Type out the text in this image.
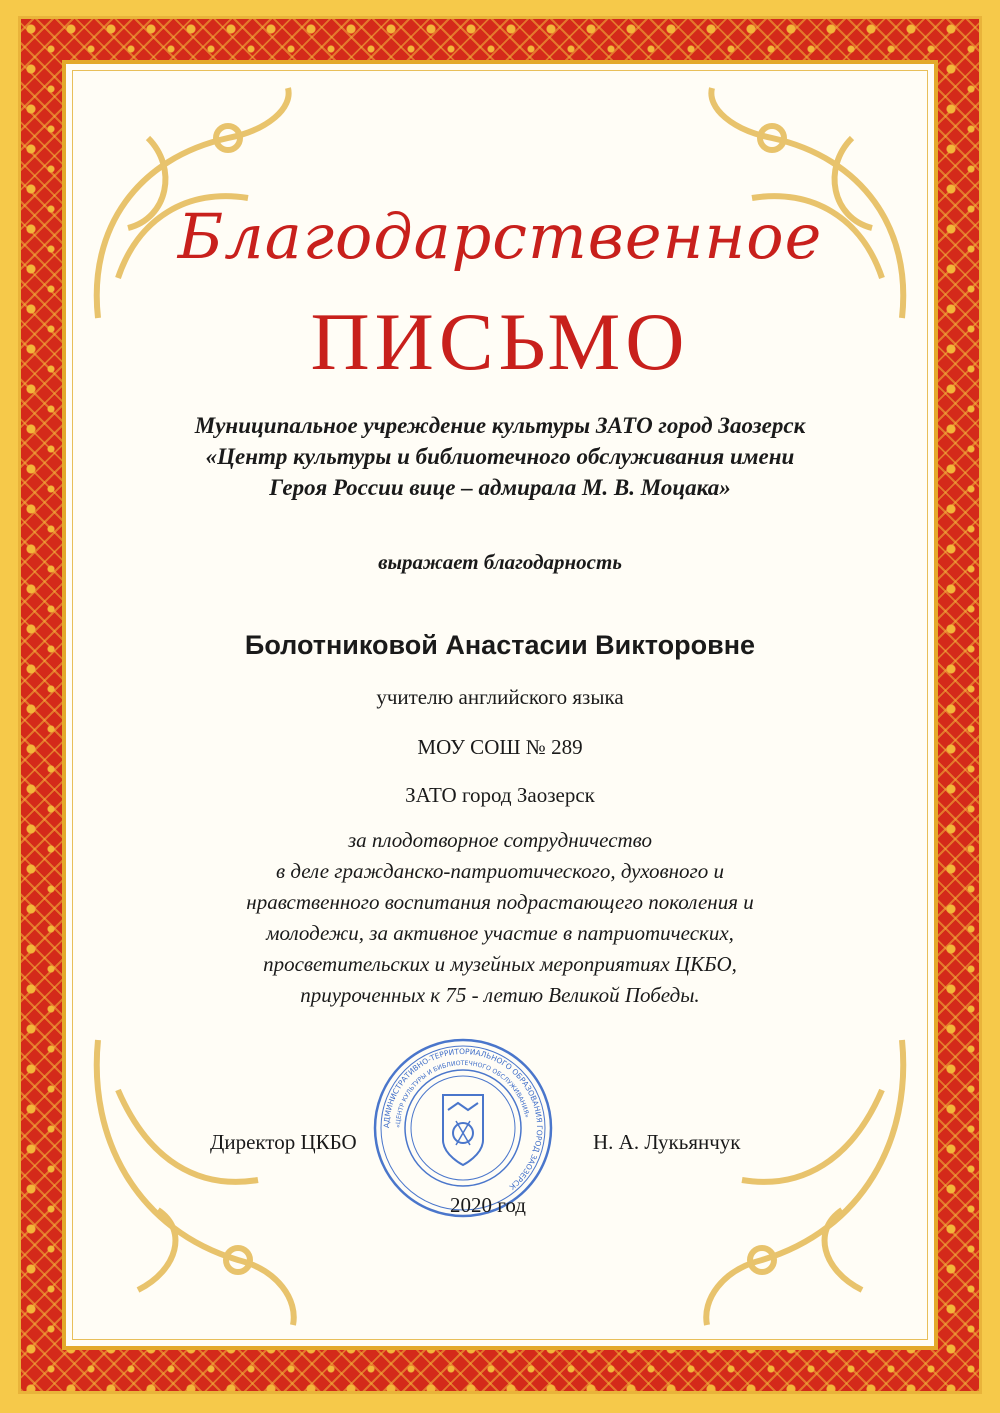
Благодарственное
ПИСЬМО
Муниципальное учреждение культуры ЗАТО город Заозерск
«Центр культуры и библиотечного обслуживания имени
Героя России вице – адмирала М. В. Моцака»
выражает благодарность
Болотниковой Анастасии Викторовне
учителю английского языка
МОУ СОШ № 289
ЗАТО город Заозерск
за плодотворное сотрудничество
в деле гражданско-патриотического, духовного и
нравственного воспитания подрастающего поколения и
молодежи, за активное участие в патриотических,
просветительских и музейных мероприятиях ЦКБО,
приуроченных к 75 - летию Великой Победы.
АДМИНИСТРАТИВНО-ТЕРРИТОРИАЛЬНОГО ОБРАЗОВАНИЯ ГОРОД ЗАОЗЕРСК
«ЦЕНТР КУЛЬТУРЫ И БИБЛИОТЕЧНОГО ОБСЛУЖИВАНИЯ»
Директор ЦКБО	Н. А. Лукьянчук
2020 год
